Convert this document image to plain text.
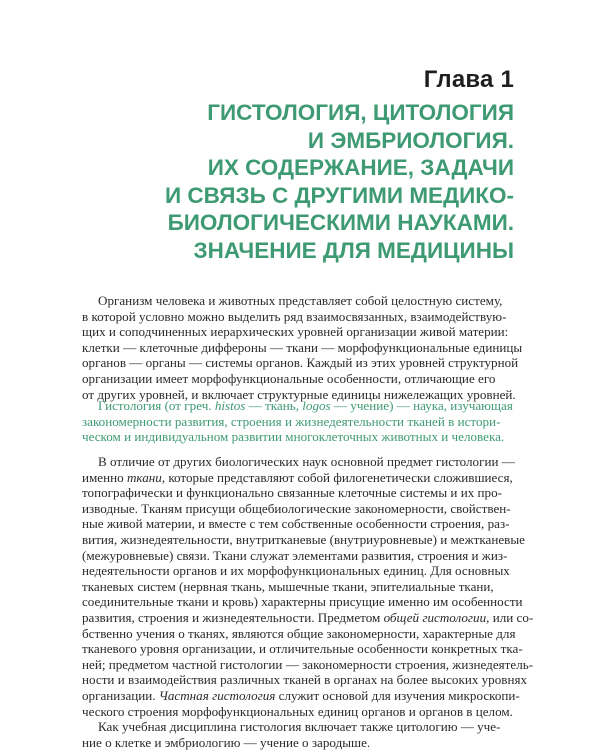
Глава 1
ГИСТОЛОГИЯ, ЦИТОЛОГИЯ
И ЭМБРИОЛОГИЯ.
ИХ СОДЕРЖАНИЕ, ЗАДАЧИ
И СВЯЗЬ С ДРУГИМИ МЕДИКО-
БИОЛОГИЧЕСКИМИ НАУКАМИ.
ЗНАЧЕНИЕ ДЛЯ МЕДИЦИНЫ
Организм человека и животных представляет собой целостную систему,
в которой условно можно выделить ряд взаимосвязанных, взаимодействую-
щих и соподчиненных иерархических уровней организации живой материи:
клетки — клеточные диффероны — ткани — морфофункциональные единицы
органов — органы — системы органов. Каждый из этих уровней структурной
организации имеет морфофункциональные особенности, отличающие его
от других уровней, и включает структурные единицы нижележащих уровней.
Гистология (от греч. histos — ткань, logos — учение) — наука, изучающая
закономерности развития, строения и жизнедеятельности тканей в истори-
ческом и индивидуальном развитии многоклеточных животных и человека.
В отличие от других биологических наук основной предмет гистологии —
именно ткани, которые представляют собой филогенетически сложившиеся,
топографически и функционально связанные клеточные системы и их про-
изводные. Тканям присущи общебиологические закономерности, свойствен-
ные живой материи, и вместе с тем собственные особенности строения, раз-
вития, жизнедеятельности, внутритканевые (внутриуровневые) и межтканевые
(межуровневые) связи. Ткани служат элементами развития, строения и жиз-
недеятельности органов и их морфофункциональных единиц. Для основных
тканевых систем (нервная ткань, мышечные ткани, эпителиальные ткани,
соединительные ткани и кровь) характерны присущие именно им особенности
развития, строения и жизнедеятельности. Предметом общей гистологии, или со-
бственно учения о тканях, являются общие закономерности, характерные для
тканевого уровня организации, и отличительные особенности конкретных тка-
ней; предметом частной гистологии — закономерности строения, жизнедеятель-
ности и взаимодействия различных тканей в органах на более высоких уровнях
организации. Частная гистология служит основой для изучения микроскопи-
ческого строения морфофункциональных единиц органов и органов в целом.
Как учебная дисциплина гистология включает также цитологию — уче-
ние о клетке и эмбриологию — учение о зародыше.
